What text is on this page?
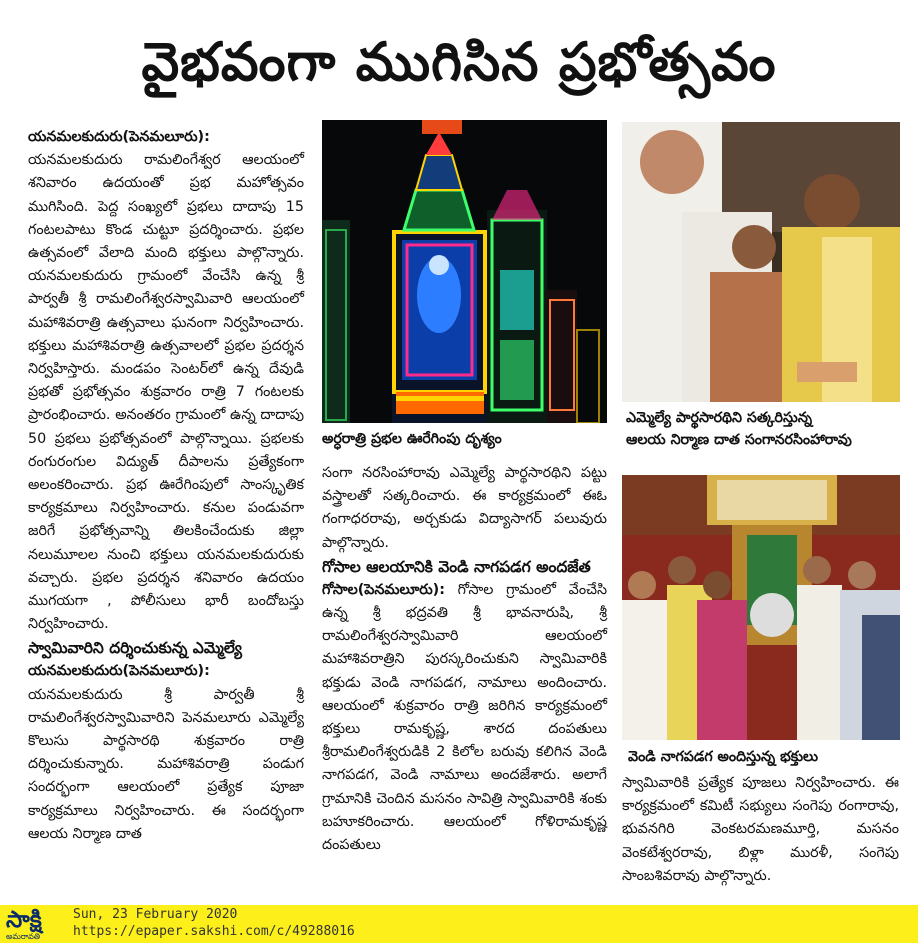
వైభవంగా ముగిసిన ప్రభోత్సవం

యనమలకుదురు(పెనమలూరు): యనమలకుదురు రామలింగేశ్వర ఆలయంలో శనివారం ఉదయంతో ప్రభ మహోత్సవం ముగిసింది. పెద్ద సంఖ్యలో ప్రభలు దాదాపు 15 గంటలపాటు కొండ చుట్టూ ప్రదర్శించారు. ప్రభల ఉత్సవంలో వేలాది మంది భక్తులు పాల్గొన్నారు. యనమలకుదురు గ్రామంలో వేంచేసి ఉన్న శ్రీ పార్వతీ శ్రీ రామలింగేశ్వరస్వామివారి ఆలయంలో మహాశివరాత్రి ఉత్సవాలు ఘనంగా నిర్వహించారు. భక్తులు మహాశివరాత్రి ఉత్సవాలలో ప్రభల ప్రదర్శన నిర్వహిస్తారు. మండపం సెంటర్‌లో ఉన్న దేవుడి ప్రభతో ప్రభోత్సవం శుక్రవారం రాత్రి 7 గంటలకు ప్రారంభించారు. అనంతరం గ్రామంలో ఉన్న దాదాపు 50 ప్రభలు ప్రభోత్సవంలో పాల్గొన్నాయి. ప్రభలకు రంగురంగుల విద్యుత్ దీపాలను ప్రత్యేకంగా అలంకరించారు. ప్రభ ఊరేగింపులో సాంస్కృతిక కార్యక్రమాలు నిర్వహించారు. కనుల పండువగా జరిగే ప్రభోత్సవాన్ని తిలకించేందుకు జిల్లా నలుమూలల నుంచి భక్తులు యనమలకుదురుకు వచ్చారు. ప్రభల ప్రదర్శన శనివారం ఉదయం ముగయగా , పోలీసులు భారీ బందోబస్తు నిర్వహించారు.

స్వామివారిని దర్శించుకున్న ఎమ్మెల్యే

యనమలకుదురు(పెనమలూరు): యనమలకుదురు శ్రీ పార్వతీ శ్రీ రామలింగేశ్వరస్వామివారిని పెనమలూరు ఎమ్మెల్యే కొలుసు పార్థసారథి శుక్రవారం రాత్రి దర్శించుకున్నారు. మహాశివరాత్రి పండుగ సందర్భంగా ఆలయంలో ప్రత్యేక పూజా కార్యక్రమాలు నిర్వహించారు. ఈ సందర్భంగా ఆలయ నిర్మాణ దాత

అర్ధరాత్రి ప్రభల ఊరేగింపు దృశ్యం

సంగా నరసింహారావు ఎమ్మెల్యే పార్థసారథిని పట్టు వస్త్రాలతో సత్కరించారు. ఈ కార్యక్రమంలో ఈఓ గంగాధరరావు, అర్చకుడు విద్యాసాగర్ పలువురు పాల్గొన్నారు.

గోసాల ఆలయానికి వెండి నాగపడగ అందజేత

గోసాల(పెనమలూరు): గోసాల గ్రామంలో వేంచేసి ఉన్న శ్రీ భద్రవతి శ్రీ భావనారుషి, శ్రీ రామలింగేశ్వరస్వామివారి ఆలయంలో మహాశివరాత్రిని పురస్కరించుకుని స్వామివారికి భక్తుడు వెండి నాగపడగ, నామాలు అందించారు. ఆలయంలో శుక్రవారం రాత్రి జరిగిన కార్యక్రమంలో భక్తులు రామకృష్ణ, శారద దంపతులు శ్రీరామలింగేశ్వరుడికి 2 కిలోల బరువు కలిగిన వెండి నాగపడగ, వెండి నామాలు అందజేశారు. అలాగే గ్రామానికి చెందిన మసనం సావిత్రి స్వామివారికి శంకు బహూకరించారు. ఆలయంలో గోళిరామకృష్ణ దంపతులు

ఎమ్మెల్యే పార్థసారథిని సత్కరిస్తున్న
ఆలయ నిర్మాణ దాత సంగానరసింహారావు
వెండి నాగపడగ అందిస్తున్న భక్తులు

స్వామివారికి ప్రత్యేక పూజలు నిర్వహించారు. ఈ కార్యక్రమంలో కమిటీ సభ్యులు సంగెపు రంగారావు, భువనగిరి వెంకటరమణమూర్తి, మసనం వెంకటేశ్వరరావు, బిళ్లా మురళీ, సంగెపు సాంబశివరావు పాల్గొన్నారు.

సాక్షి
అమరావతి
Sun, 23 February 2020
https://epaper.sakshi.com/c/49288016
